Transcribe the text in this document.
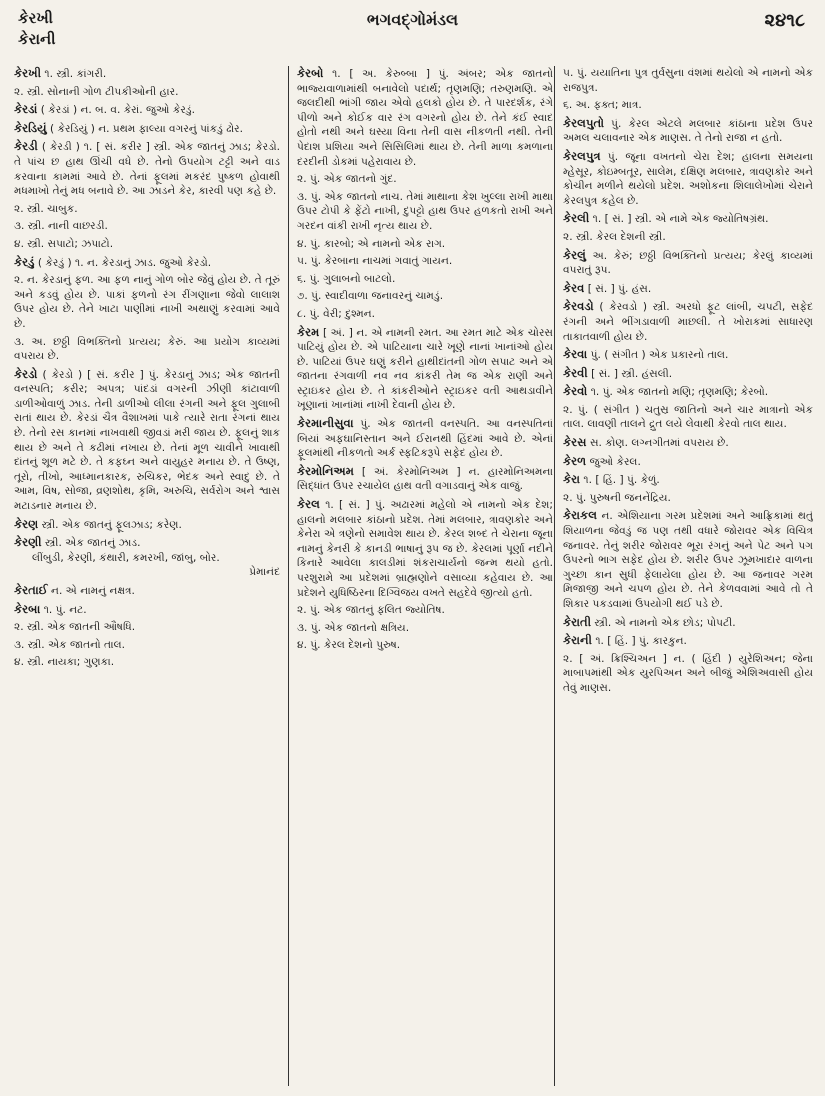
કેરખી
કેરાની
ભગવદ્ગોમંડલ	૨૪૧૮
કેરખી ૧. સ્ત્રી. કાંગરી.
૨. સ્ત્રી. સોનાની ગોળ ટીપકીઓની હાર.
કેરડાં ( કેરડાં ) ન. બ. વ. કેરાં. જુઓ કેરડું.
કેરડિયું ( કેરડિયું ) ન. પ્રથમ ફાલ્યા વગરનું પાંકડું ઢોર.
કેરડી ( કેરડી ) ૧. [ સં. કરીર ] સ્ત્રી. એક જાતનું ઝાડ; કેરડો. તે પાંચ છ હાથ ઊંચી વધે છે. તેનો ઉપયોગ ટટ્ટી અને વાડ કરવાના કામમાં આવે છે. તેનાં ફૂલમાં મકરંદ પુષ્કળ હોવાથી મધમાખો તેનું મધ બનાવે છે. આ ઝાડને કેર, કારવી પણ કહે છે.
૨. સ્ત્રી. ચાબુક.
૩. સ્ત્રી. નાની વાછરડી.
૪. સ્ત્રી. સપાટો; ઝપાટો.
કેરડું ( કેરડું ) ૧. ન. કેરડાનું ઝાડ. જુઓ કેરડો.
૨. ન. કેરડાનું ફળ. આ ફળ નાનું ગોળ બોર જેવું હોય છે. તે તૂરું અને કડવું હોય છે. પાકાં ફળનો રંગ રીંગણાના જેવો લાલાશ ઉપર હોય છે. તેને ખાટા પાણીમાં નાખી અથાણું કરવામાં આવે છે.
૩. અ. છઠ્ઠી વિભક્તિનો પ્રત્યય; કેરું. આ પ્રયોગ કાવ્યમાં વપરાય છે.
કેરડો ( કેરડો ) [ સં. કરીર ] પું. કેરડાનું ઝાડ; એક જાતની વનસ્પતિ; કરીર; અપત્ર; પાંદડાં વગરની ઝીણી કાંટાવાળી ડાળીઓવાળું ઝાડ. તેની ડાળીઓ લીલા રંગની અને ફૂલ ગુલાબી રાતાં થાય છે. કેરડાં ચૈત્ર વૈશાખમાં પાકે ત્યારે રાતા રંગનાં થાય છે. તેનો રસ કાનમાં નાખવાથી જીવડાં મરી જાય છે. ફૂલનું શાક થાય છે અને તે કઢીમાં નખાય છે. તેનાં મૂળ ચાવીને ખાવાથી દાંતનું શૂળ મટે છે. તે કફઘ્ન અને વાયુહર મનાય છે. તે ઉષ્ણ, તૂરો, તીખો, આધ્માનકારક, રુચિકર, ભેદક અને સ્વાદુ છે. તે આમ, વિષ, સોજા, વ્રણશોથ, કૃમિ, અરુચિ, સર્વરોગ અને શ્વાસ મટાડનાર મનાય છે.
કેરણ સ્ત્રી. એક જાતનું ફૂલઝાડ; કરેણ.
કેરણી સ્ત્રી. એક જાતનું ઝાડ.
લીંબુડી, કેરણી, કંથારી, કમરખી, જાંબુ, બોર.
પ્રેમાનંદ
કેરતાઈ ન. એ નામનું નક્ષત્ર.
કેરબા ૧. પું. નટ.
૨. સ્ત્રી. એક જાતની ઔષધિ.
૩. સ્ત્રી. એક જાતનો તાલ.
૪. સ્ત્રી. નાયકા; ગુણકા.
કેરબો ૧. [ અ. કેરુબ્બા ] પું. અંબર; એક જાતનો ભાજ્યવાળામાંથી બનાવેલો પદાર્થ; તૃણમણિ; તરુણમણિ. એ જલદીથી ભાંગી જાય એવો હલકો હોય છે. તે પારદર્શક, રંગે પીળો અને કોઈક વાર રંગ વગરનો હોય છે. તેને કંઈ સ્વાદ હોતો નથી અને ઘસ્યા વિના તેની વાસ નીકળતી નથી. તેની પેદાશ પ્રશિયા અને સિસિલિમાં થાય છે. તેની માળા કમળાના દરદીની ડોકમાં પહેરાવાય છે.
૨. પું. એક જાતનો ગુંદ.
૩. પું. એક જાતનો નાચ. તેમાં માથાના કેશ ખુલ્લા રાખી માથા ઉપર ટોપી કે ફેંટો નાખી, દુપટ્ટો હાથ ઉપર હળકતો રાખી અને ગરદન વાંકી રાખી નૃત્ય થાય છે.
૪. પું. કારબો; એ નામનો એક રાગ.
૫. પું. કેરબાના નાચમાં ગવાતું ગાયન.
૬. પું. ગુલાબનો બાટલો.
૭. પું. સ્વાદીવાળા જનાવરનું ચામડું.
૮. પું. વેરી; દુશ્મન.
કેરમ [ અં. ] ન. એ નામની રમત. આ રમત માટે એક ચોરસ પાટિયું હોય છે. એ પાટિયાના ચારે ખૂણે નાનાં ખાનાંઓ હોય છે. પાટિયાં ઉપર ઘણું કરીને હાથીદાંતની ગોળ સપાટ અને એ જાતના રંગવાળી નવ નવ કાંકરી તેમ જ એક રાણી અને સ્ટ્રાઇકર હોય છે. તે કાંકરીઓને સ્ટ્રાઇકર વતી આથડાવીને ખૂણાનાં ખાનાંમાં નાખી દેવાની હોય છે.
કેરમાનીસુવા પું. એક જાતની વનસ્પતિ. આ વનસ્પતિનાં બિયાં અફઘાનિસ્તાન અને ઈરાનથી હિંદમાં આવે છે. એનાં ફૂલમાંથી નીકળતો અર્ક સ્ફટિકરૂપે સફેદ હોય છે.
કેરમોનિઅમ [ અં. કેરમોનિઅમ ] ન. હારમોનિઅમના સિદ્ધાંત ઉપર રચાયેલ હાથ વતી વગાડવાનું એક વાજું.
કેરલ ૧. [ સં. ] પું. અઢારમાં મહેલો એ નામનો એક દેશ; હાલનો મલબાર કાંઠાનો પ્રદેશ. તેમાં મલબાર, ત્રાવણકોર અને કેનેરા એ ત્રણેનો સમાવેશ થાય છે. કેરલ શબ્દ તે ચેરાના જૂના નામનું કેનરી કે કાનડી ભાષાનું રૂપ જ છે. કેરલમાં પૂર્ણા નદીને કિનારે આવેલા કાલડીમાં શંકરાચાર્યનો જન્મ થયો હતો. પરશુરામે આ પ્રદેશમાં બ્રાહ્મણોને વસાવ્યા કહેવાય છે. આ પ્રદેશને યુધિષ્ઠિરના દિગ્વિજય વખતે સહદેવે જીત્યો હતો.
૨. પું. એક જાતનું ફલિત જ્યોતિષ.
૩. પું. એક જાતનો ક્ષત્રિય.
૪. પું. કેરલ દેશનો પુરુષ.
૫. પું. યયાતિના પુત્ર તુર્વસુના વંશમાં થયેલો એ નામનો એક રાજપુત્ર.
૬. અ. ફક્ત; માત્ર.
કેરલપુતો પું. કેરલ એટલે મલબાર કાંઠાના પ્રદેશ ઉપર અમલ ચલાવનાર એક માણસ. તે તેનો રાજા ન હતો.
કેરલપુત્ર પું. જૂના વખતનો ચેરા દેશ; હાલના સમયના મ્હેસૂર, કોઇમ્બતૂર, સાલેમ, દક્ષિણ મલબાર, ત્રાવણકોર અને કોચીન મળીને થયેલો પ્રદેશ. અશોકના શિલાલેખોમાં ચેરાને કેરલપુત્ર કહેલ છે.
કેરલી ૧. [ સં. ] સ્ત્રી. એ નામે એક જ્યોતિષગ્રંથ.
૨. સ્ત્રી. કેરલ દેશની સ્ત્રી.
કેરલું અ. કેરું; છઠ્ઠી વિભક્તિનો પ્રત્યય; કેરલું કાવ્યમાં વપરાતું રૂપ.
કેરવ [ સં. ] પું. હંસ.
કેરવડો ( કેરવડો ) સ્ત્રી. અરધો ફૂટ લાંબી, ચપટી, સફેદ રંગની અને ભીંગડાવાળી માછલી. તે ખોરાકમાં સાધારણ તાકાતવાળી હોય છે.
કેરવા પું. ( સંગીત ) એક પ્રકારનો તાલ.
કેરવી [ સં. ] સ્ત્રી. હંસલી.
કેરવો ૧. પું. એક જાતનો મણિ; તૃણમણિ; કેરબો.
૨. પું. ( સંગીત ) ચતુસ્ર જાતિનો અને ચાર માત્રાનો એક તાલ. લાવણી તાલને દ્રુત લયે લેવાથી કેરવો તાલ થાય.
કેરસ સ. કોણ. લગ્નગીતમાં વપરાય છે.
કેરળ જુઓ કેરલ.
કેરા ૧. [ હિં. ] પું. કેળું.
૨. પું. પુરુષની જનનેંદ્રિય.
કેરાકલ ન. એશિયાના ગરમ પ્રદેશમાં અને આફ્રિકામાં થતું શિયાળના જેવડું જ પણ તથી વધારે જોરાવર એક વિચિત્ર જનાવર. તેનું શરીર જોરાવર ભૂરા રંગનું અને પેટ અને પગ ઉપરનો ભાગ સફેદ હોય છે. શરીર ઉપર ઝૂમખાદાર વાળના ગુચ્છા કાન સુધી ફેલાયેલા હોય છે. આ જનાવર ગરમ મિજાજી અને ચપળ હોય છે. તેને કેળવવામાં આવે તો તે શિકાર પકડવામાં ઉપયોગી થઈ પડે છે.
કેરાતી સ્ત્રી. એ નામનો એક છોડ; પોપટી.
કેરાની ૧. [ હિં. ] પું. કારકુન.
૨. [ અં. ક્રિશ્ચિઅન ] ન. ( હિંદી ) યુરેશિઅન; જેના માબાપમાંથી એક યુરપિઅન અને બીજું એશિઅવાસી હોય તેવું માણસ.
